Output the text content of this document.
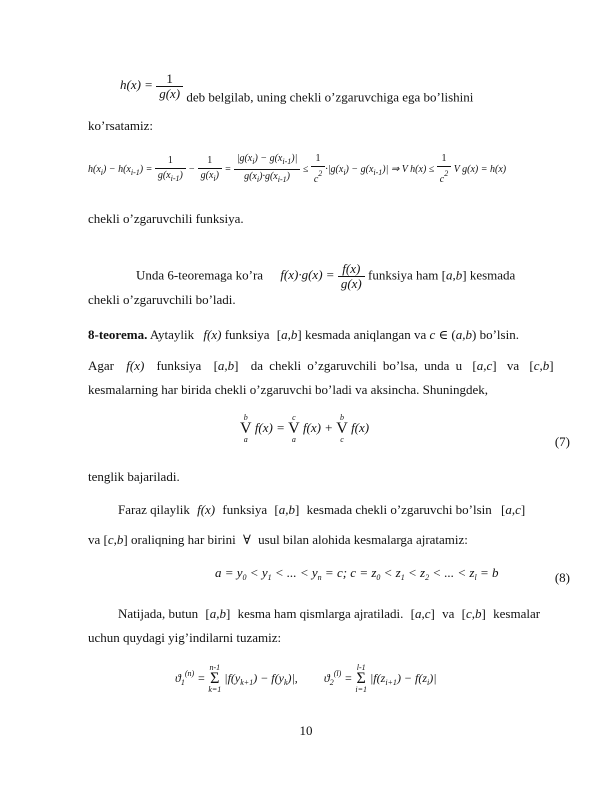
$h(x) = \frac{1}{g(x)}$ deb belgilab, uning chekli o’zgaruvchiga ega bo’lishini
ko’rsatamiz:
$h(x_i) - h(x_{i-1}) = \frac{1}{g(x_{i-1})} - \frac{1}{g(x_i)} = \frac{|g(x_i) - g(x_{i-1})|}{g(x_i)\cdot g(x_{i-1})} \le \frac{1}{c^2} \cdot|g(x_i) - g(x_{i-1})|$ ⇒ V $h(x) \le \frac{1}{c^2}$ V g(x) = h(x)
chekli o’zgaruvchili funksiya.
Unda 6-teoremaga ko’ra $f(x)\cdot g(x) = \frac{f(x)}{g(x)}$ funksiya ham [a,b] kesmada
chekli o’zgaruvchili bo’ladi.
8-teorema. Aytaylik f(x) funksiya [a,b] kesmada aniqlangan va c ∈ (a,b) bo’lsin.
Agar f(x) funksiya [a,b] da chekli o’zgaruvchili bo’lsa, unda u [a,c] va [c,b]
kesmalarning har birida chekli o’zgaruvchi bo’ladi va aksincha. Shuningdek,
b
V
a
f(x) =
c
V
a
f(x) +
b
V
c
f(x)
(7)
tenglik bajariladi.
Faraz qilaylik f(x) funksiya [a,b] kesmada chekli o’zgaruvchi bo’lsin [a,c]
va [c,b] oraliqning har birini ∀ usul bilan alohida kesmalarga ajratamiz:
$a = y_0 < y_1$ < ... < $y_n = c$; $c = z_0 < z_1 < z_2$ < ... < $z_l = b$	(8)
Natijada, butun [a,b] kesma ham qismlarga ajratiladi. [a,c] va [c,b] kesmalar
uchun quydagi yig’indilarni tuzamiz:
$ϑ_1^{(n)}$ =
n-1
Σ
k=1
$|f(y_{k+1}) - f(y_k)|$,  $ϑ_2^{(l)}$ =
l-1
Σ
i=1
$|f(z_{i+1}) - f(z_i)|$
10
